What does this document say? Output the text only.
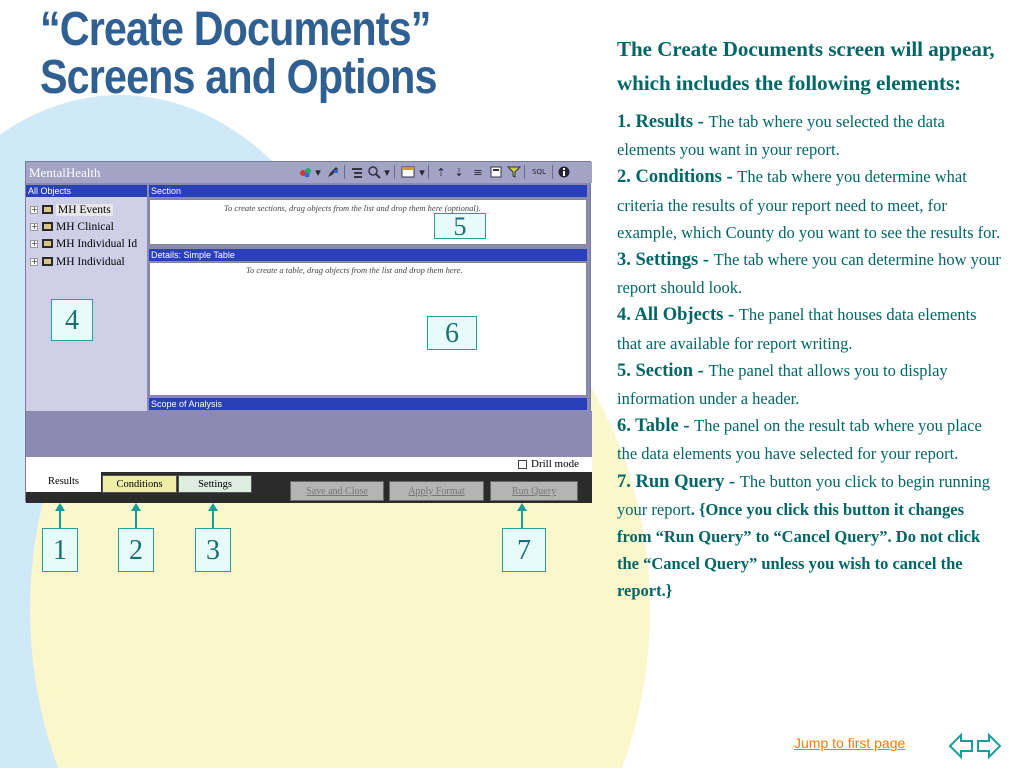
“Create Documents”
Screens and Options
MentalHealth	▾	▾	▾	⇡ ⇣ ≡	SQL
All Objects
+ MH Events
+ MH Clinical
+ MH Individual Id
+ MH Individual
Section
To create sections, drag objects from the list and drop them here (optional).
Details: Simple Table
To create a table, drag objects from the list and drop them here.
Scope of Analysis
Drill mode
Results	Conditions	Settings
Save and Close	Apply Format	Run Query
4
5
6
1	2	3	7
The Create Documents screen will appear, which includes the following elements:
1. Results - The tab where you selected the data elements you want in your report.
2. Conditions - The tab where you determine what criteria the results of your report need to meet, for example, which County do you want to see the results for.
3. Settings - The tab where you can determine how your report should look.
4. All Objects - The panel that houses data elements that are available for report writing.
5. Section - The panel that allows you to display information under a header.
6. Table - The panel on the result tab where you place the data elements you have selected for your report.
7. Run Query - The button you click to begin running your report. {Once you click this button it changes from “Run Query” to “Cancel Query”. Do not click the “Cancel Query” unless you wish to cancel the report.}
Jump to first page
